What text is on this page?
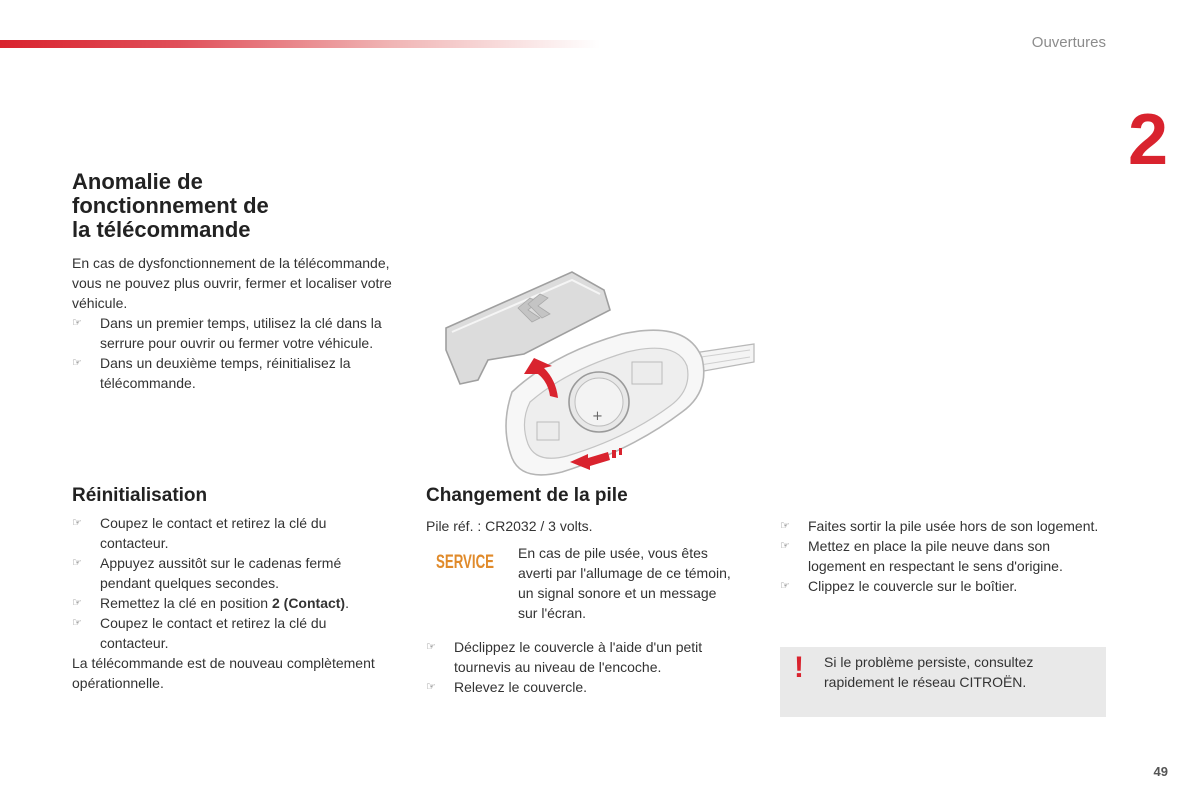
Ouvertures
2
Anomalie de
fonctionnement de
la télécommande
En cas de dysfonctionnement de la télécommande, vous ne pouvez plus ouvrir, fermer et localiser votre véhicule.
☞ Dans un premier temps, utilisez la clé dans la serrure pour ouvrir ou fermer votre véhicule.
☞ Dans un deuxième temps, réinitialisez la télécommande.
+
Réinitialisation
☞ Coupez le contact et retirez la clé du contacteur.
☞ Appuyez aussitôt sur le cadenas fermé pendant quelques secondes.
☞ Remettez la clé en position 2 (Contact).
☞ Coupez le contact et retirez la clé du contacteur.
La télécommande est de nouveau complètement opérationnelle.
Changement de la pile
Pile réf. : CR2032 / 3 volts.
SERVICE En cas de pile usée, vous êtes averti par l'allumage de ce témoin, un signal sonore et un message sur l'écran.
☞ Déclippez le couvercle à l'aide d'un petit tournevis au niveau de l'encoche.
☞ Relevez le couvercle.
☞ Faites sortir la pile usée hors de son logement.
☞ Mettez en place la pile neuve dans son logement en respectant le sens d'origine.
☞ Clippez le couvercle sur le boîtier.
! Si le problème persiste, consultez rapidement le réseau CITROËN.
49
